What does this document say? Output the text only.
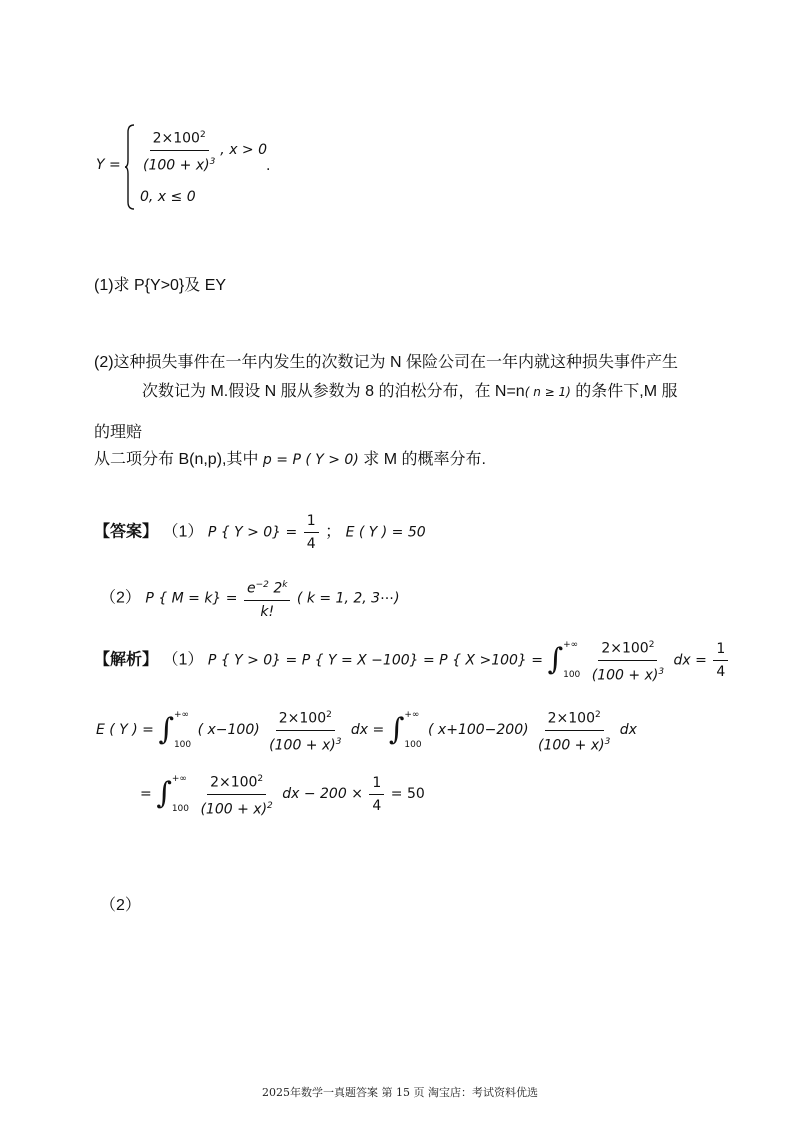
$Y = \frac{2\times 100^2}{(100 + x)^3}$ , x > 0
.
0, x ≤ 0
(1)求 P{Y>0}及 EY
(2)这种损失事件在一年内发生的次数记为 N 保险公司在一年内就这种损失事件产生
次数记为 M.假设 N 服从参数为 8 的泊松分布，在 N=n( n ≥ 1) 的条件下,M 服
的理赔
从二项分布 B(n,p),其中 p = P ( Y > 0) 求 M 的概率分布.
【答案】 （1） P { $Y > 0\} = \frac{1}{4}$ ； E ( Y ) = 50
（2） P { $M = k\} = \frac{e^{-2} 2^k}{k!}$ ( k = 1, 2, 3⋯)
【解析】 （1） P { Y > 0} = P { Y = X −100} = P { X >100} = ∫ +∞
100
$\frac{2\times 100^2}{(100 + x)^3}$ dx = $\frac{1}{4}$
E ( Y ) = ∫ +∞
100
( $x-100) \frac{2\times 100^2}{(100 + x)^3}$ dx = ∫ +∞
100
( $x+100-200) \frac{2\times 100^2}{(100 + x)^3}$ dx
= ∫ +∞
100
$\frac{2\times 100^2}{(100 + x)^2}$ dx − $200 \times \frac{1}{4} = 50$
（2）
2025年数学一真题答案 第 15 页 淘宝店：考试资料优选
